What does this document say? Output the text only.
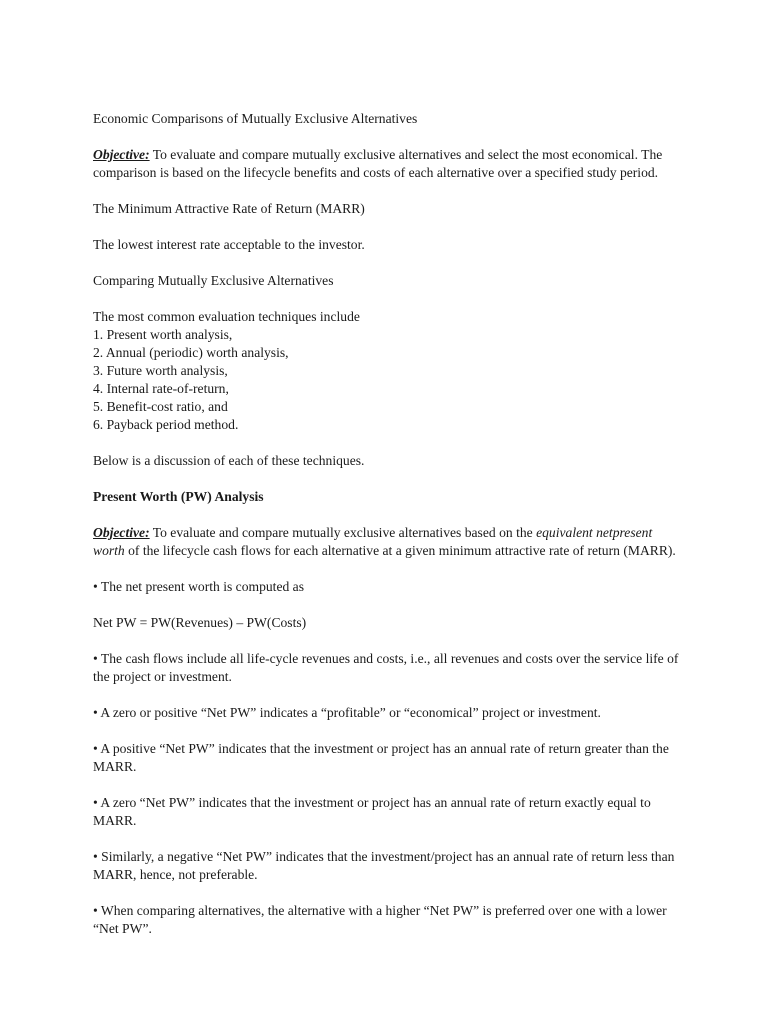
Economic Comparisons of Mutually Exclusive Alternatives

Objective: To evaluate and compare mutually exclusive alternatives and select the most economical. The comparison is based on the lifecycle benefits and costs of each alternative over a specified study period.

The Minimum Attractive Rate of Return (MARR)

The lowest interest rate acceptable to the investor.

Comparing Mutually Exclusive Alternatives

The most common evaluation techniques include

1. Present worth analysis,
2. Annual (periodic) worth analysis,
3. Future worth analysis,
4. Internal rate-of-return,
5. Benefit-cost ratio, and
6. Payback period method.

Below is a discussion of each of these techniques.

Present Worth (PW) Analysis

Objective: To evaluate and compare mutually exclusive alternatives based on the equivalent netpresent worth of the lifecycle cash flows for each alternative at a given minimum attractive rate of return (MARR).

• The net present worth is computed as

Net PW = PW(Revenues) – PW(Costs)

• The cash flows include all life-cycle revenues and costs, i.e., all revenues and costs over the service life of the project or investment.

• A zero or positive “Net PW” indicates a “profitable” or “economical” project or investment.

• A positive “Net PW” indicates that the investment or project has an annual rate of return greater than the MARR.

• A zero “Net PW” indicates that the investment or project has an annual rate of return exactly equal to MARR.

• Similarly, a negative “Net PW” indicates that the investment/project has an annual rate of return less than MARR, hence, not preferable.

• When comparing alternatives, the alternative with a higher “Net PW” is preferred over one with a lower “Net PW”.
